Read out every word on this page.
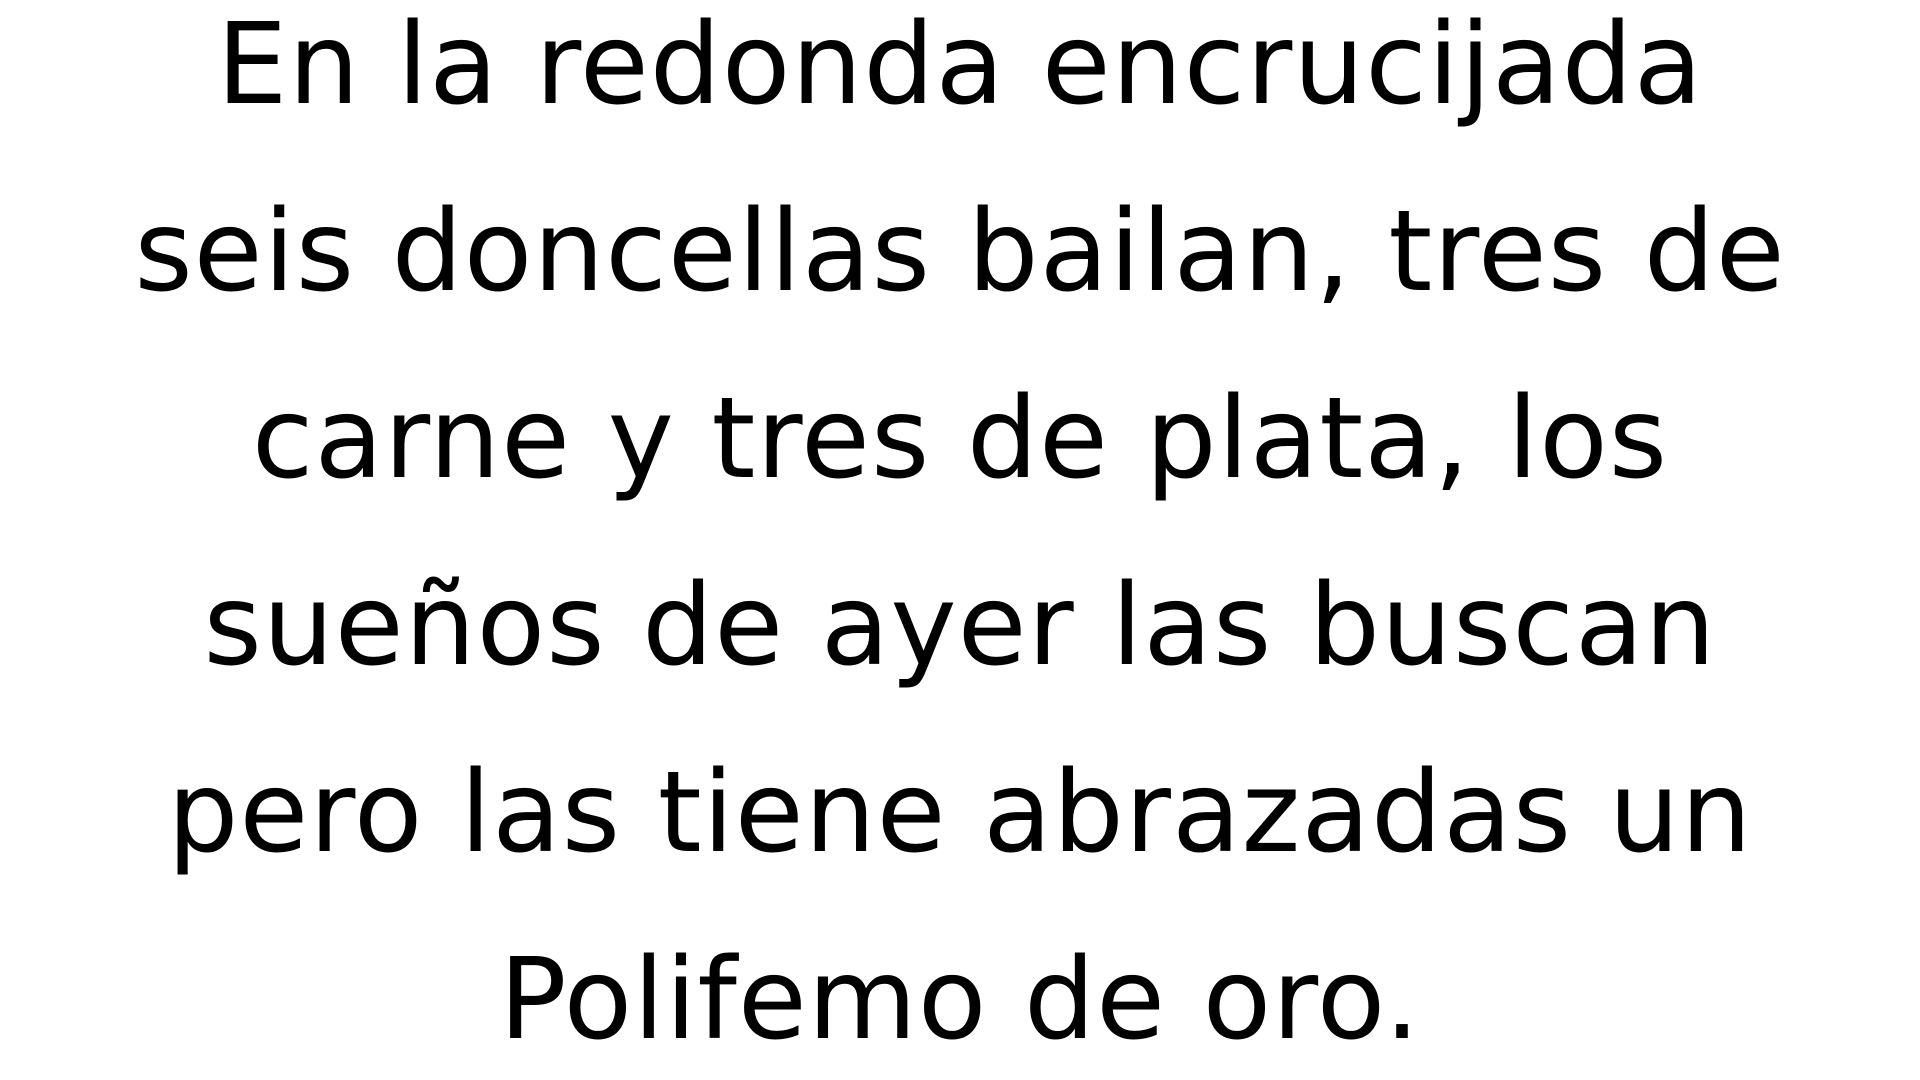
En la redonda encrucijada
seis doncellas bailan, tres de
carne y tres de plata, los
sueños de ayer las buscan
pero las tiene abrazadas un
Polifemo de oro.
